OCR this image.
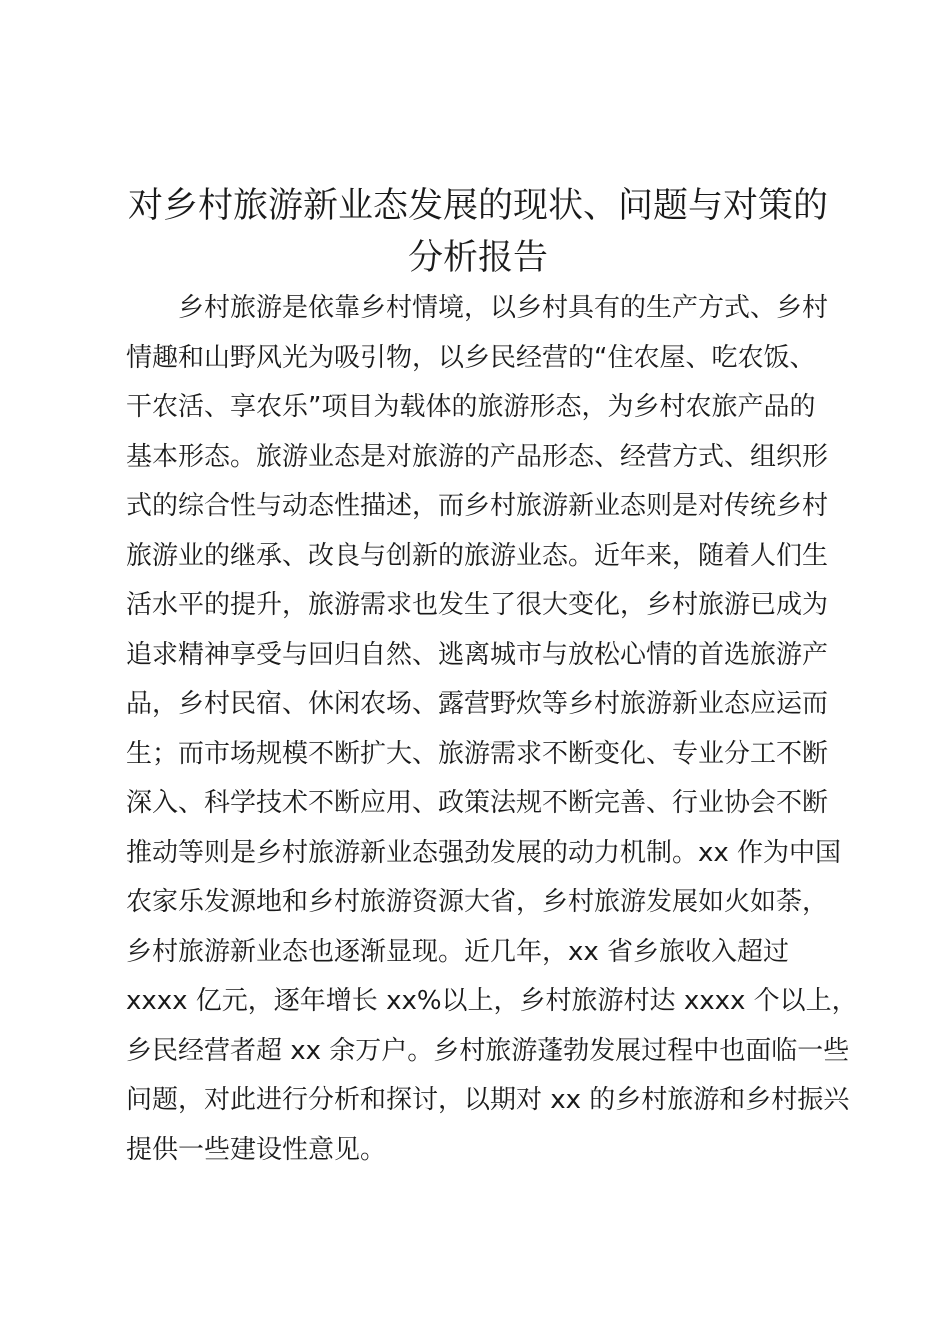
对乡村旅游新业态发展的现状、问题与对策的
分析报告
乡村旅游是依靠乡村情境，以乡村具有的生产方式、乡村
情趣和山野风光为吸引物，以乡民经营的“住农屋、吃农饭、
干农活、享农乐”项目为载体的旅游形态，为乡村农旅产品的
基本形态。旅游业态是对旅游的产品形态、经营方式、组织形
式的综合性与动态性描述，而乡村旅游新业态则是对传统乡村
旅游业的继承、改良与创新的旅游业态。近年来，随着人们生
活水平的提升，旅游需求也发生了很大变化，乡村旅游已成为
追求精神享受与回归自然、逃离城市与放松心情的首选旅游产
品，乡村民宿、休闲农场、露营野炊等乡村旅游新业态应运而
生；而市场规模不断扩大、旅游需求不断变化、专业分工不断
深入、科学技术不断应用、政策法规不断完善、行业协会不断
推动等则是乡村旅游新业态强劲发展的动力机制。xx 作为中国
农家乐发源地和乡村旅游资源大省，乡村旅游发展如火如荼，
乡村旅游新业态也逐渐显现。近几年，xx 省乡旅收入超过
xxxx 亿元，逐年增长 xx%以上，乡村旅游村达 xxxx 个以上，
乡民经营者超 xx 余万户。乡村旅游蓬勃发展过程中也面临一些
问题，对此进行分析和探讨，以期对 xx 的乡村旅游和乡村振兴
提供一些建设性意见。
